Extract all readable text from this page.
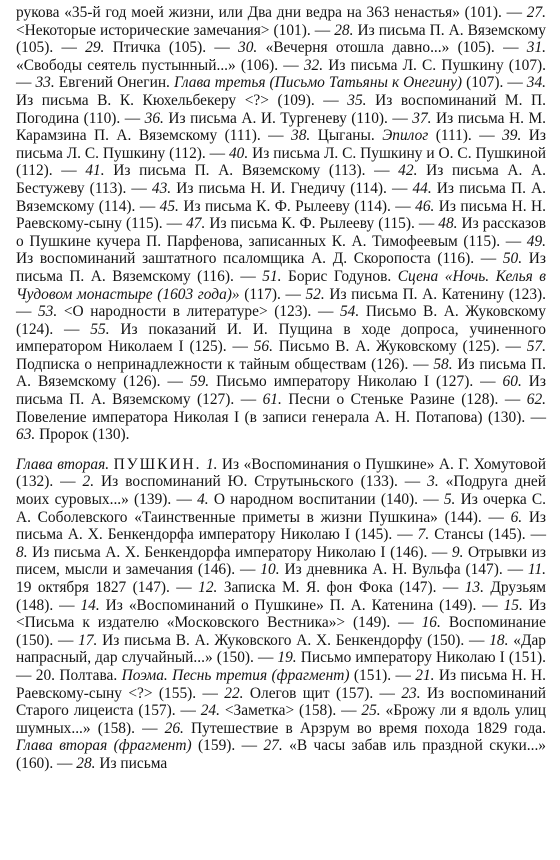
рукова «35-й год моей жизни, или Два дни ведра на 363 ненастья» (101). — 27. <Некоторые исторические замечания> (101). — 28. Из письма П. А. Вяземскому (105). — 29. Птичка (105). — 30. «Вечерня отошла давно...» (105). — 31. «Свободы сеятель пустынный...» (106). — 32. Из письма Л. С. Пушкину (107). — 33. Евгений Онегин. Глава третья (Письмо Татьяны к Онегину) (107). — 34. Из письма В. К. Кюхельбекеру <?> (109). — 35. Из воспоминаний М. П. Погодина (110). — 36. Из письма А. И. Тургеневу (110). — 37. Из письма Н. М. Карамзина П. А. Вяземскому (111). — 38. Цыганы. Эпилог (111). — 39. Из письма Л. С. Пушкину (112). — 40. Из письма Л. С. Пушкину и О. С. Пушкиной (112). — 41. Из письма П. А. Вяземскому (113). — 42. Из письма А. А. Бестужеву (113). — 43. Из письма Н. И. Гнедичу (114). — 44. Из письма П. А. Вяземскому (114). — 45. Из письма К. Ф. Рылееву (114). — 46. Из письма Н. Н. Раевскому-сыну (115). — 47. Из письма К. Ф. Рылееву (115). — 48. Из рассказов о Пушкине кучера П. Парфенова, записанных К. А. Тимофеевым (115). — 49. Из воспоминаний заштатного псаломщика А. Д. Скоропоста (116). — 50. Из письма П. А. Вяземскому (116). — 51. Борис Годунов. Сцена «Ночь. Келья в Чудовом монастыре (1603 года)» (117). — 52. Из письма П. А. Катенину (123). — 53. <О народности в литературе> (123). — 54. Письмо В. А. Жуковскому (124). — 55. Из показаний И. И. Пущина в ходе допроса, учиненного императором Николаем I (125). — 56. Письмо В. А. Жуковскому (125). — 57. Подписка о непринадлежности к тайным обществам (126). — 58. Из письма П. А. Вяземскому (126). — 59. Письмо императору Николаю I (127). — 60. Из письма П. А. Вяземскому (127). — 61. Песни о Стеньке Разине (128). — 62. Повеление императора Николая I (в записи генерала А. Н. Потапова) (130). — 63. Пророк (130).

Глава вторая. ПУШКИН. 1. Из «Воспоминания о Пушкине» А. Г. Хомутовой (132). — 2. Из воспоминаний Ю. Струтыньского (133). — 3. «Подруга дней моих суровых...» (139). — 4. О народном воспитании (140). — 5. Из очерка С. А. Соболевского «Таинственные приметы в жизни Пушкина» (144). — 6. Из письма А. Х. Бенкендорфа императору Николаю I (145). — 7. Стансы (145). — 8. Из письма А. Х. Бенкендорфа императору Николаю I (146). — 9. Отрывки из писем, мысли и замечания (146). — 10. Из дневника А. Н. Вульфа (147). — 11. 19 октября 1827 (147). — 12. Записка М. Я. фон Фока (147). — 13. Друзьям (148). — 14. Из «Воспоминаний о Пушкине» П. А. Катенина (149). — 15. Из <Письма к издателю «Московского Вестника»> (149). — 16. Воспоминание (150). — 17. Из письма В. А. Жуковского А. Х. Бенкендорфу (150). — 18. «Дар напрасный, дар случайный...» (150). — 19. Письмо императору Николаю I (151). — 20. Полтава. Поэма. Песнь третия (фрагмент) (151). — 21. Из письма Н. Н. Раевскому-сыну <?> (155). — 22. Олегов щит (157). — 23. Из воспоминаний Старого лицеиста (157). — 24. <Заметка> (158). — 25. «Брожу ли я вдоль улиц шумных...» (158). — 26. Путешествие в Арзрум во время похода 1829 года. Глава вторая (фрагмент) (159). — 27. «В часы забав иль праздной скуки...» (160). — 28. Из письма
